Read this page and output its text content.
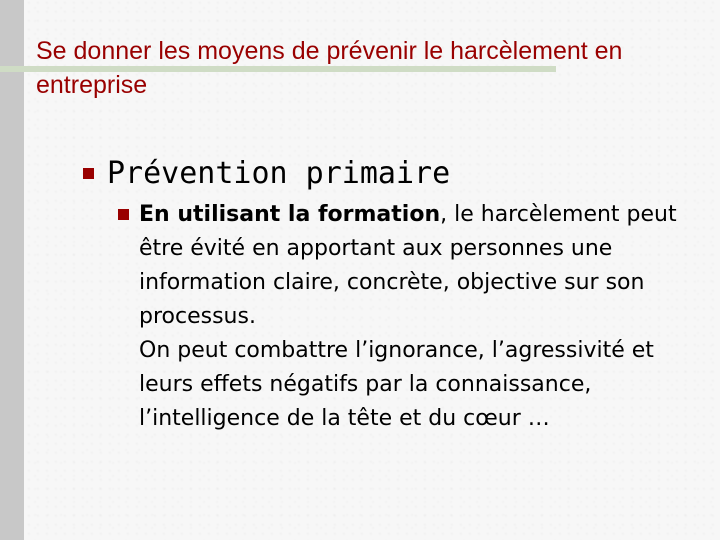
Se donner les moyens de prévenir le harcèlement en entreprise
Prévention primaire

En utilisant la formation, le harcèlement peut être évité en apportant aux personnes une information claire, concrète, objective sur son processus.

On peut combattre l’ignorance, l’agressivité et leurs effets négatifs par la connaissance, l’intelligence de la tête et du cœur …
